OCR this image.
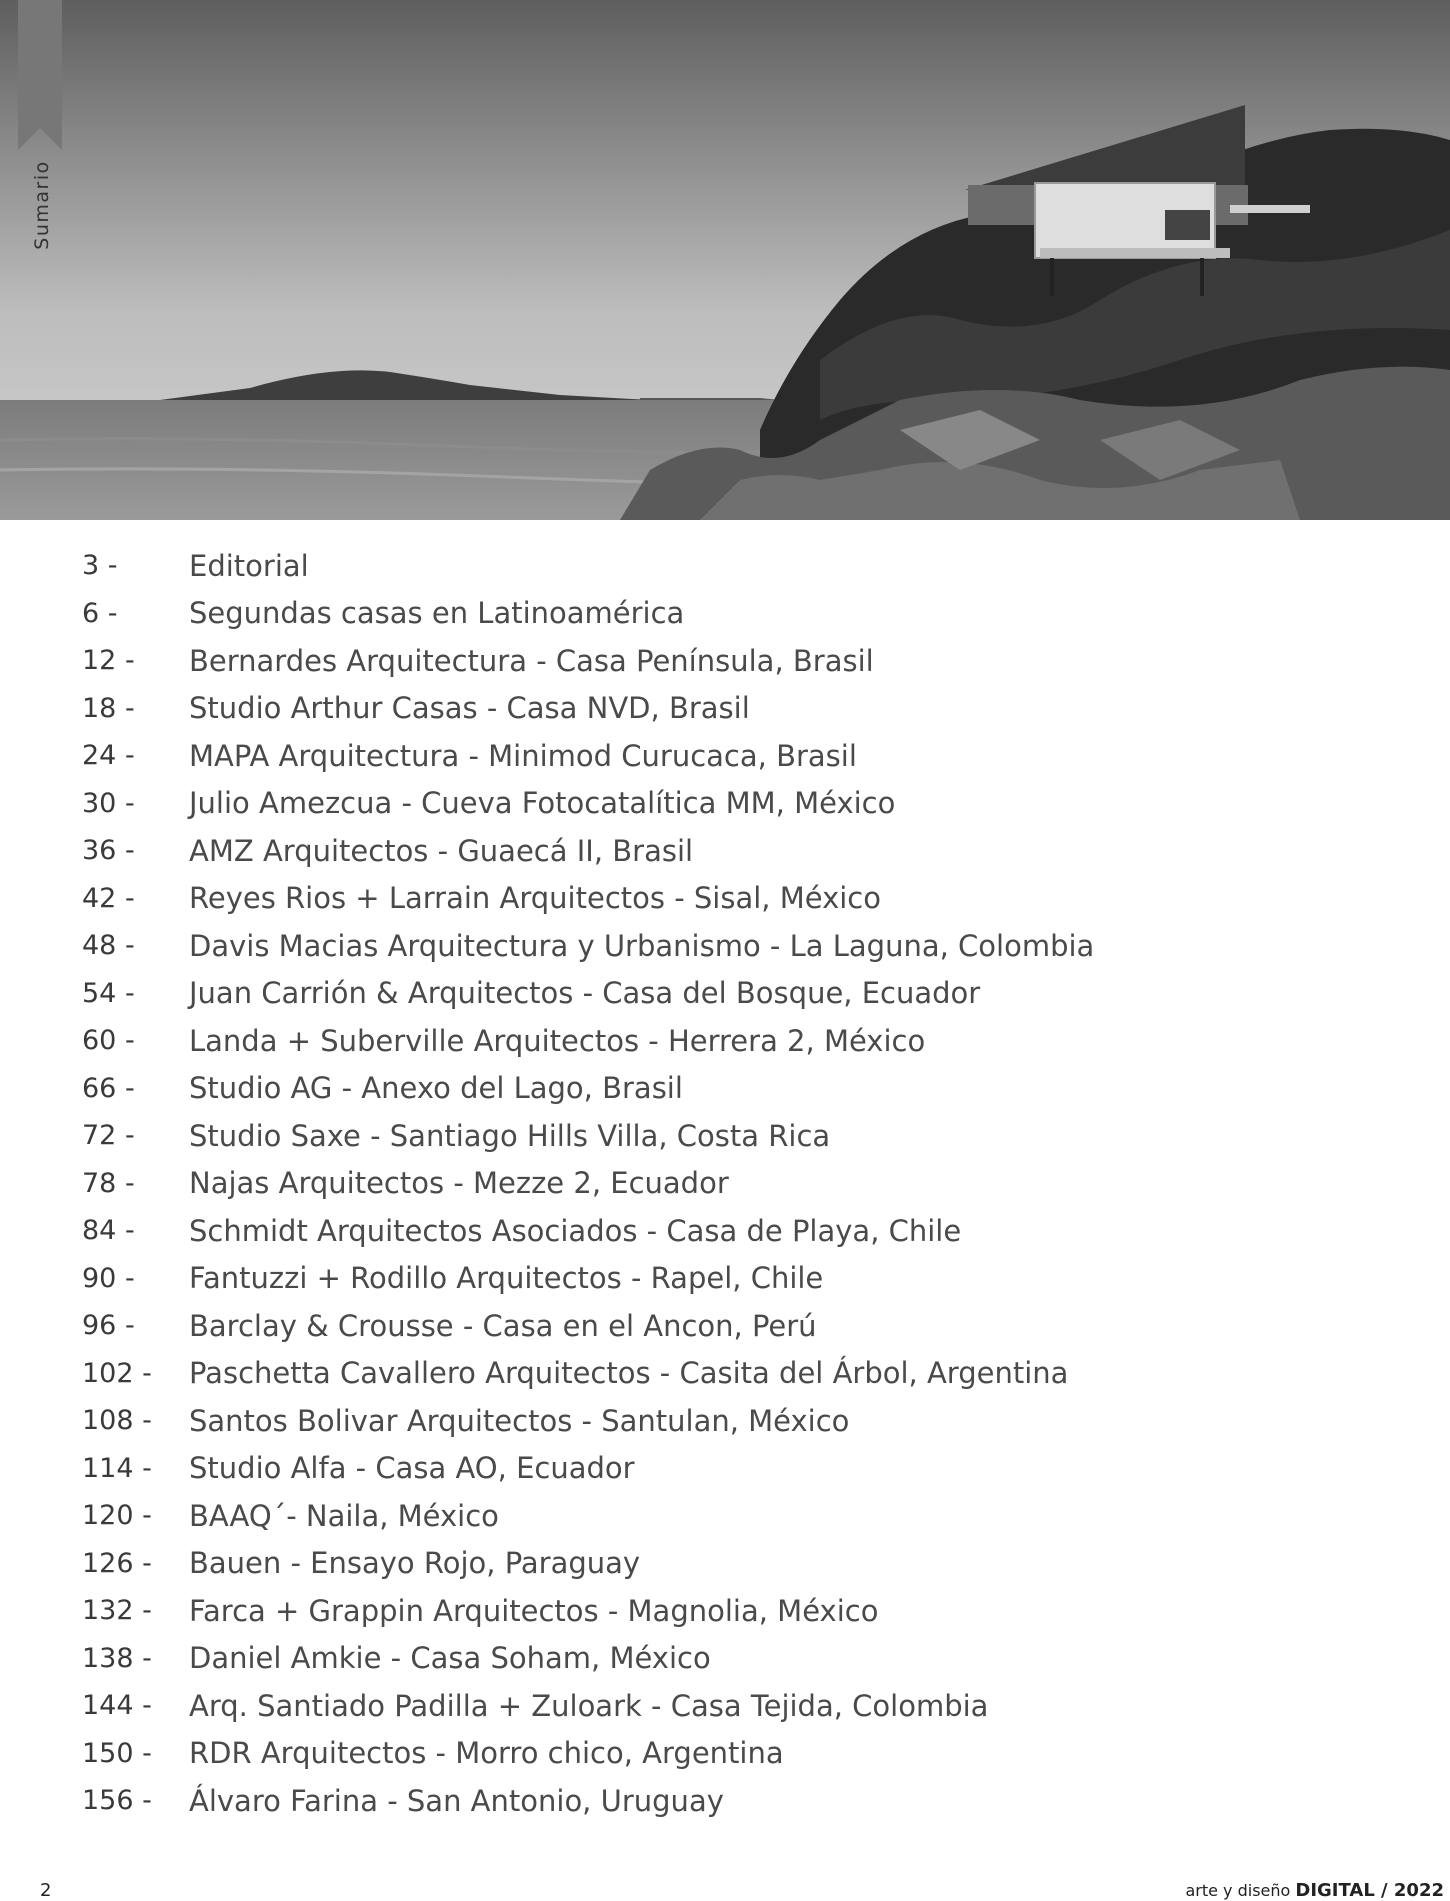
Sumario
3 -	Editorial
6 -	Segundas casas en Latinoamérica
12 -	Bernardes Arquitectura - Casa Península, Brasil
18 -	Studio Arthur Casas - Casa NVD, Brasil
24 -	MAPA Arquitectura - Minimod Curucaca, Brasil
30 -	Julio Amezcua - Cueva Fotocatalítica MM, México
36 -	AMZ Arquitectos - Guaecá II, Brasil
42 -	Reyes Rios + Larrain Arquitectos - Sisal, México
48 -	Davis Macias Arquitectura y Urbanismo - La Laguna, Colombia
54 -	Juan Carrión & Arquitectos - Casa del Bosque, Ecuador
60 -	Landa + Suberville Arquitectos - Herrera 2, México
66 -	Studio AG - Anexo del Lago, Brasil
72 -	Studio Saxe - Santiago Hills Villa, Costa Rica
78 -	Najas Arquitectos - Mezze 2, Ecuador
84 -	Schmidt Arquitectos Asociados - Casa de Playa, Chile
90 -	Fantuzzi + Rodillo Arquitectos - Rapel, Chile
96 -	Barclay & Crousse - Casa en el Ancon, Perú
102 -	Paschetta Cavallero Arquitectos - Casita del Árbol, Argentina
108 -	Santos Bolivar Arquitectos - Santulan, México
114 -	Studio Alfa - Casa AO, Ecuador
120 -	BAAQ´- Naila, México
126 -	Bauen - Ensayo Rojo, Paraguay
132 -	Farca + Grappin Arquitectos - Magnolia, México
138 -	Daniel Amkie - Casa Soham, México
144 -	Arq. Santiado Padilla + Zuloark - Casa Tejida, Colombia
150 -	RDR Arquitectos - Morro chico, Argentina
156 -	Álvaro Farina - San Antonio, Uruguay
2	arte y diseño DIGITAL / 2022
